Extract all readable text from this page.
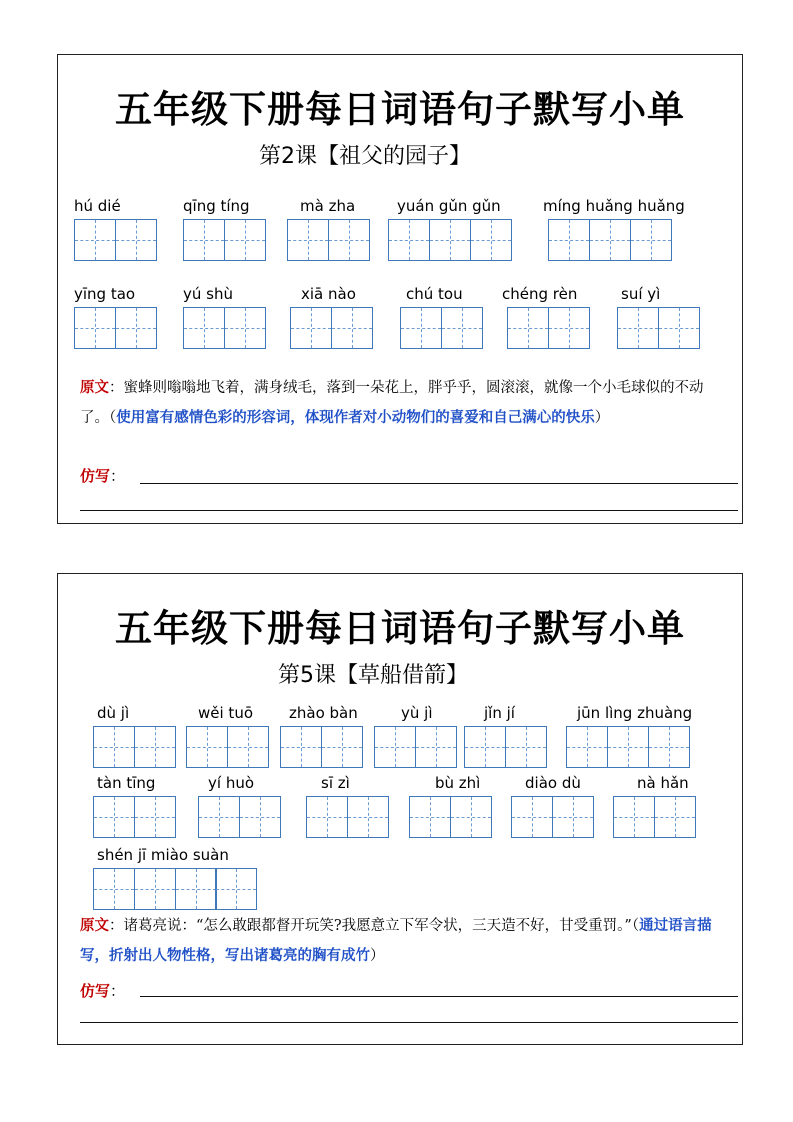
五年级下册每日词语句子默写小单
第2课【祖父的园子】
hú dié	qīng tíng	mà zha	yuán gǔn gǔn	míng huǎng huǎng
yīng tao	yú shù	xiā nào	chú tou	chéng rèn	suí yì
原文：蜜蜂则嗡嗡地飞着，满身绒毛，落到一朵花上，胖乎乎，圆滚滚，就像一个小毛球似的不动了。（使用富有感情色彩的形容词，体现作者对小动物们的喜爱和自己满心的快乐）
仿写：
五年级下册每日词语句子默写小单
第5课【草船借箭】
dù jì	wěi tuō	zhào bàn	yù jì	jǐn jí	jūn lìng zhuàng
tàn tīng	yí huò	sī zì	bù zhì	diào dù	nà hǎn
shén jī miào suàn
原文：诸葛亮说：“怎么敢跟都督开玩笑?我愿意立下军令状，三天造不好，甘受重罚。”（通过语言描写，折射出人物性格，写出诸葛亮的胸有成竹）
仿写：
